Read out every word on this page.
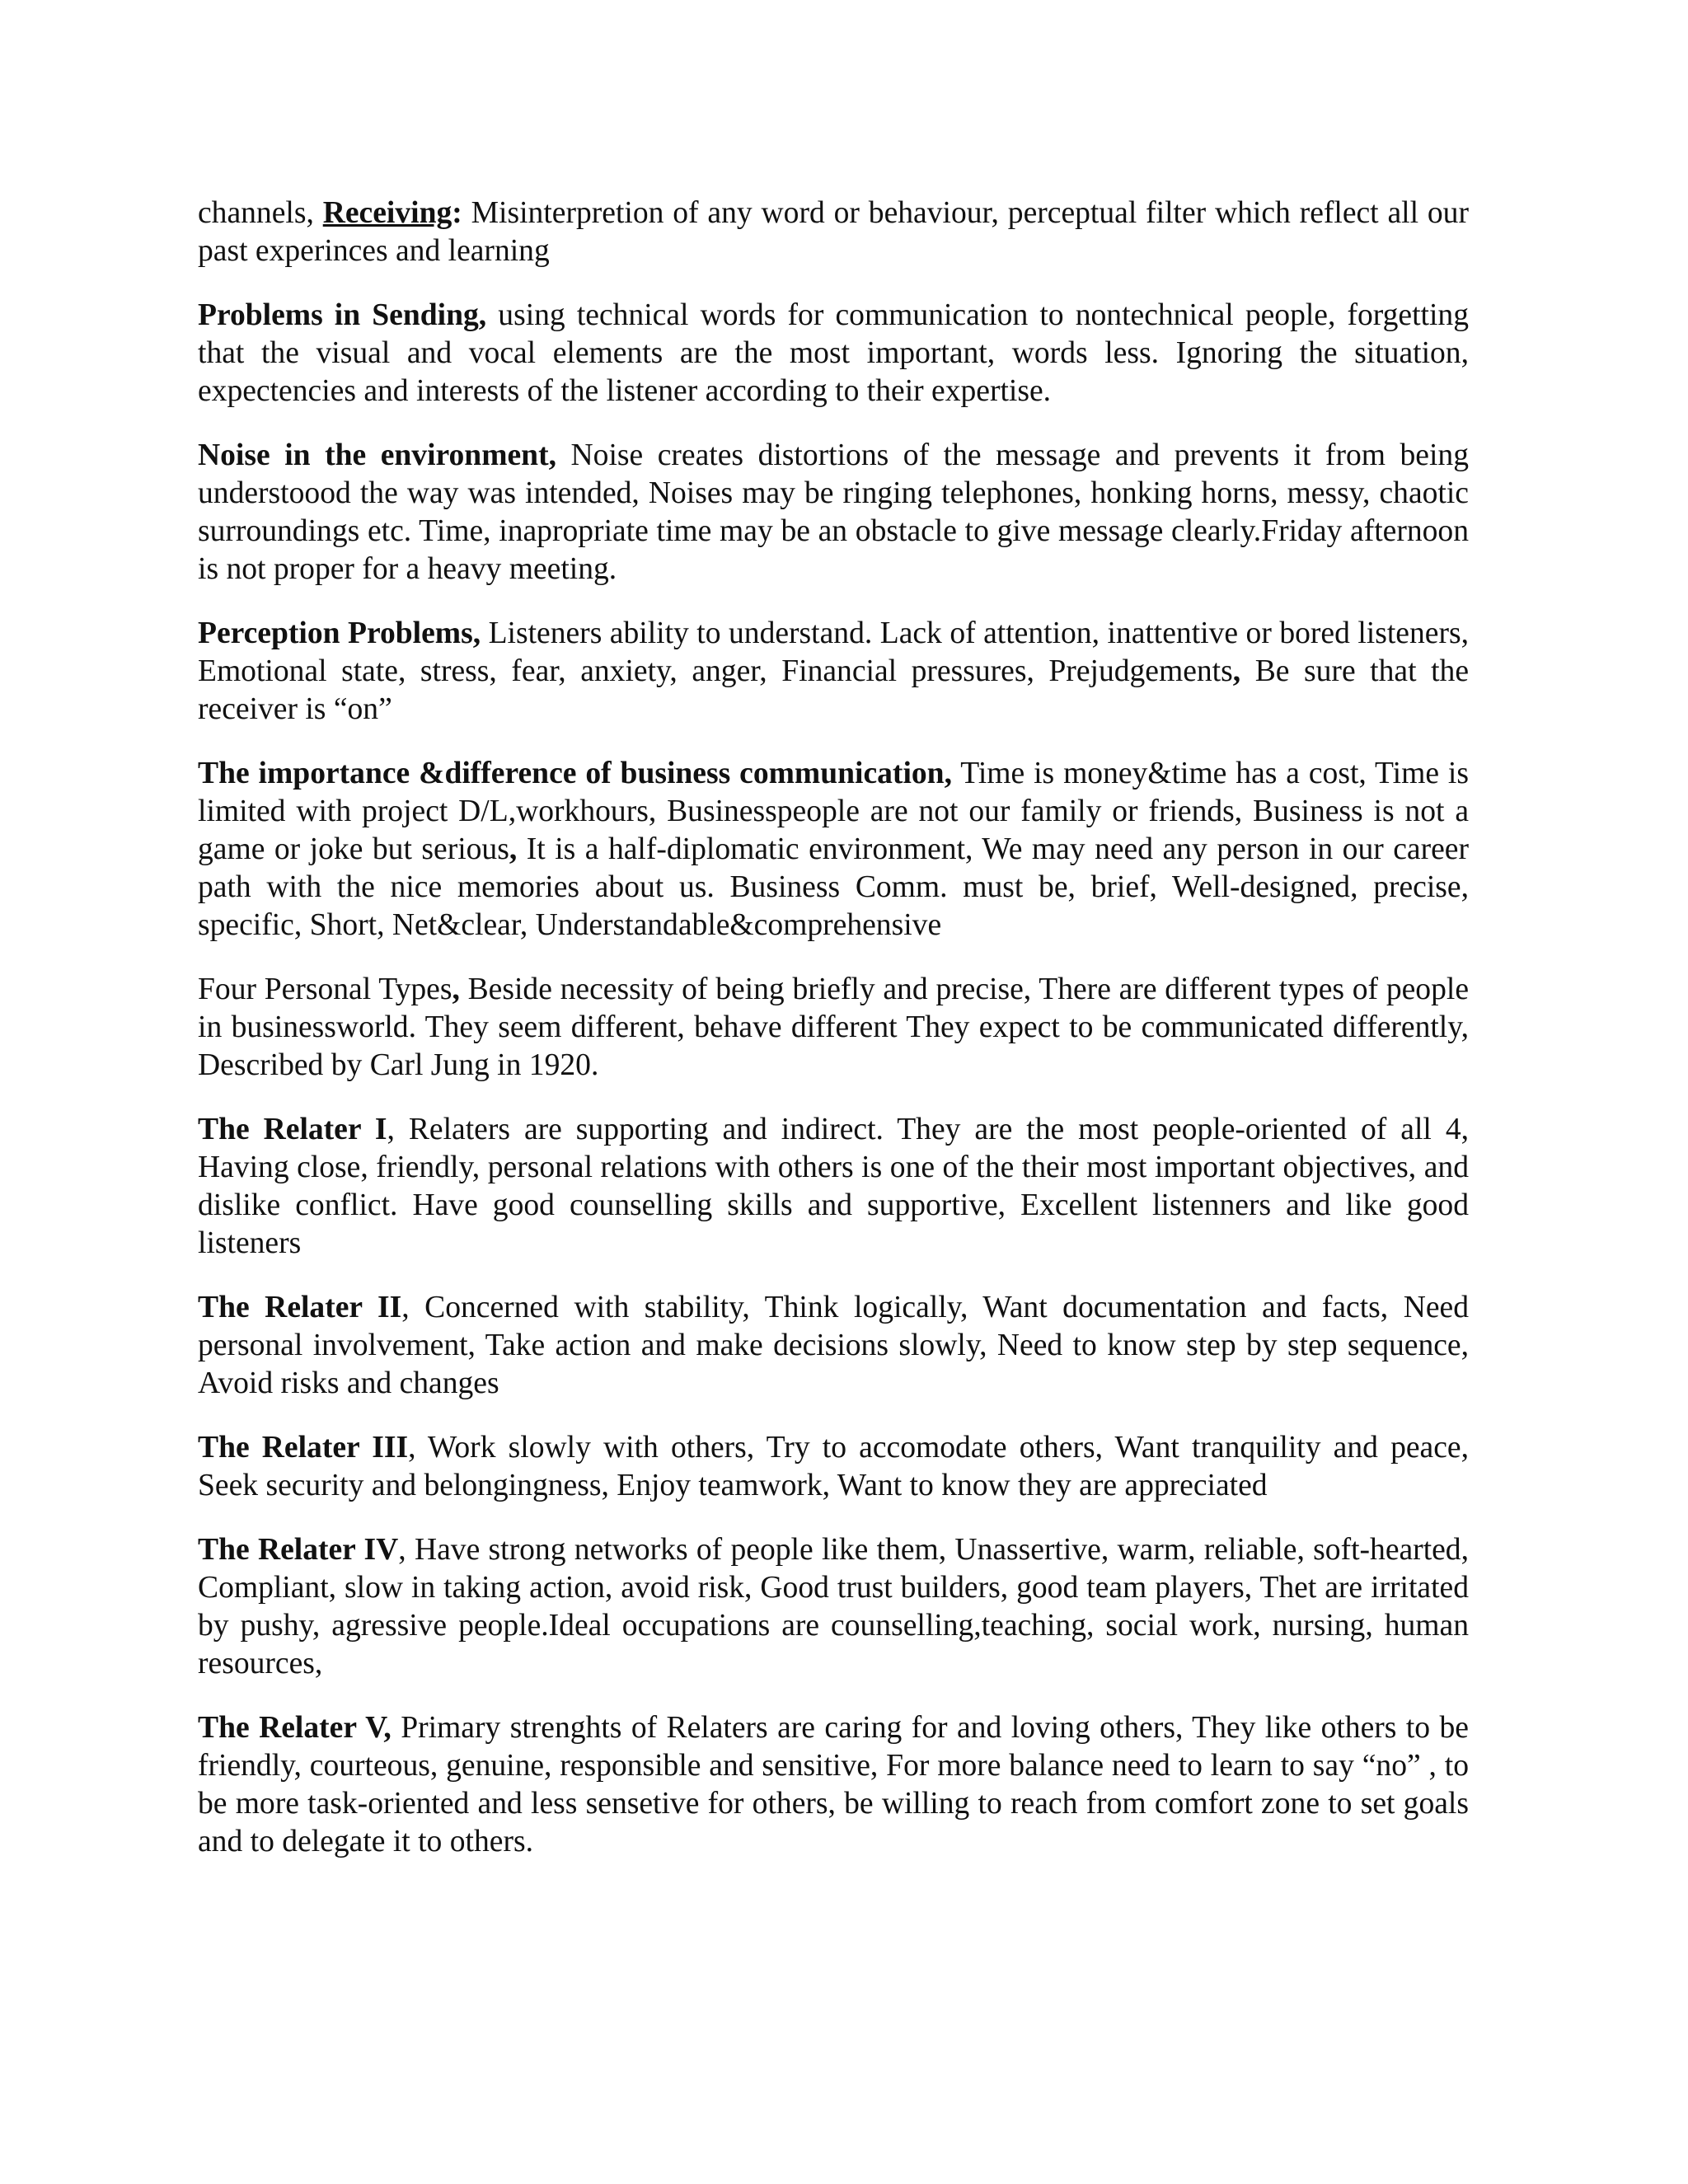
channels, Receiving: Misinterpretion of any word or behaviour, perceptual filter which reflect all our past experinces and learning

Problems in Sending, using technical words for communication to nontechnical people, forgetting that the visual and vocal elements are the most important, words less. Ignoring the situation, expectencies and interests of the listener according to their expertise.

Noise in the environment, Noise creates distortions of the message and prevents it from being understoood the way was intended, Noises may be ringing telephones, honking horns, messy, chaotic surroundings etc. Time, inapropriate time may be an obstacle to give message clearly.Friday afternoon is not proper for a heavy meeting.

Perception Problems, Listeners ability to understand. Lack of attention, inattentive or bored listeners, Emotional state, stress, fear, anxiety, anger, Financial pressures, Prejudgements, Be sure that the receiver is “on”

The importance &difference of business communication, Time is money&time has a cost, Time is limited with project D/L,workhours, Businesspeople are not our family or friends, Business is not a game or joke but serious, It is a half-diplomatic environment, We may need any person in our career path with the nice memories about us. Business Comm. must be, brief, Well-designed, precise, specific, Short, Net&clear, Understandable&comprehensive

Four Personal Types, Beside necessity of being briefly and precise, There are different types of people in businessworld. They seem different, behave different They expect to be communicated differently, Described by Carl Jung in 1920.

The Relater I, Relaters are supporting and indirect. They are the most people-oriented of all 4, Having close, friendly, personal relations with others is one of the their most important objectives, and dislike conflict. Have good counselling skills and supportive, Excellent listenners and like good listeners

The Relater II, Concerned with stability, Think logically, Want documentation and facts, Need personal involvement, Take action and make decisions slowly, Need to know step by step sequence, Avoid risks and changes

The Relater III, Work slowly with others, Try to accomodate others, Want tranquility and peace, Seek security and belongingness, Enjoy teamwork, Want to know they are appreciated

The Relater IV, Have strong networks of people like them, Unassertive, warm, reliable, soft-hearted, Compliant, slow in taking action, avoid risk, Good trust builders, good team players, Thet are irritated by pushy, agressive people.Ideal occupations are counselling,teaching, social work, nursing, human resources,

The Relater V, Primary strenghts of Relaters are caring for and loving others, They like others to be friendly, courteous, genuine, responsible and sensitive, For more balance need to learn to say “no” , to be more task-oriented and less sensetive for others, be willing to reach from comfort zone to set goals and to delegate it to others.
